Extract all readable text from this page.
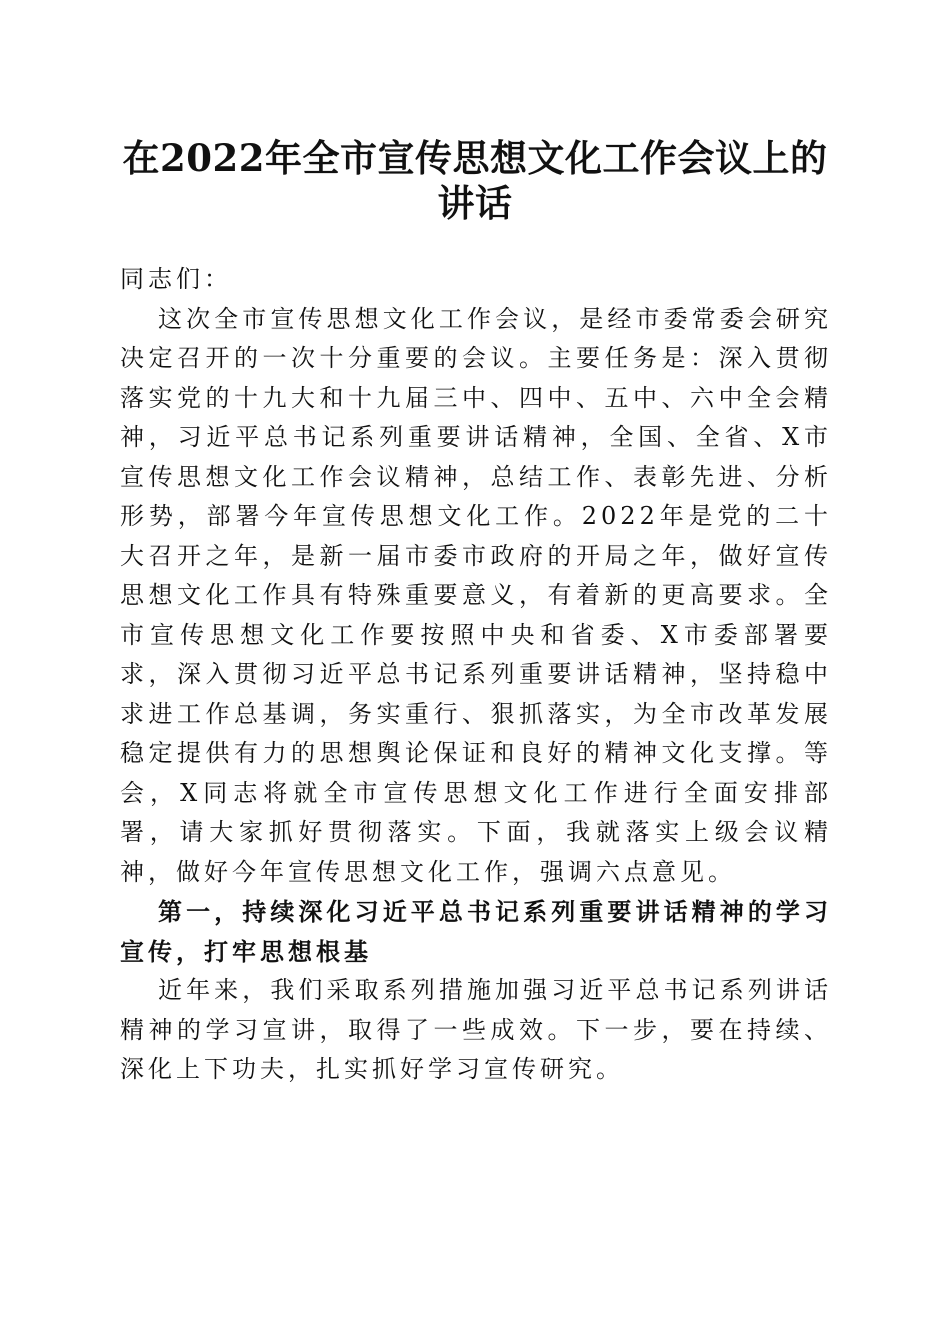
在2022年全市宣传思想文化工作会议上的讲话

同志们：

这次全市宣传思想文化工作会议，是经市委常委会研究决定召开的一次十分重要的会议。主要任务是：深入贯彻落实党的十九大和十九届三中、四中、五中、六中全会精神，习近平总书记系列重要讲话精神，全国、全省、X市宣传思想文化工作会议精神，总结工作、表彰先进、分析形势，部署今年宣传思想文化工作。2022年是党的二十大召开之年，是新一届市委市政府的开局之年，做好宣传思想文化工作具有特殊重要意义，有着新的更高要求。全市宣传思想文化工作要按照中央和省委、X市委部署要求，深入贯彻习近平总书记系列重要讲话精神，坚持稳中求进工作总基调，务实重行、狠抓落实，为全市改革发展稳定提供有力的思想舆论保证和良好的精神文化支撑。等会，X同志将就全市宣传思想文化工作进行全面安排部署，请大家抓好贯彻落实。下面，我就落实上级会议精神，做好今年宣传思想文化工作，强调六点意见。

第一，持续深化习近平总书记系列重要讲话精神的学习宣传，打牢思想根基

近年来，我们采取系列措施加强习近平总书记系列讲话精神的学习宣讲，取得了一些成效。下一步，要在持续、深化上下功夫，扎实抓好学习宣传研究。
